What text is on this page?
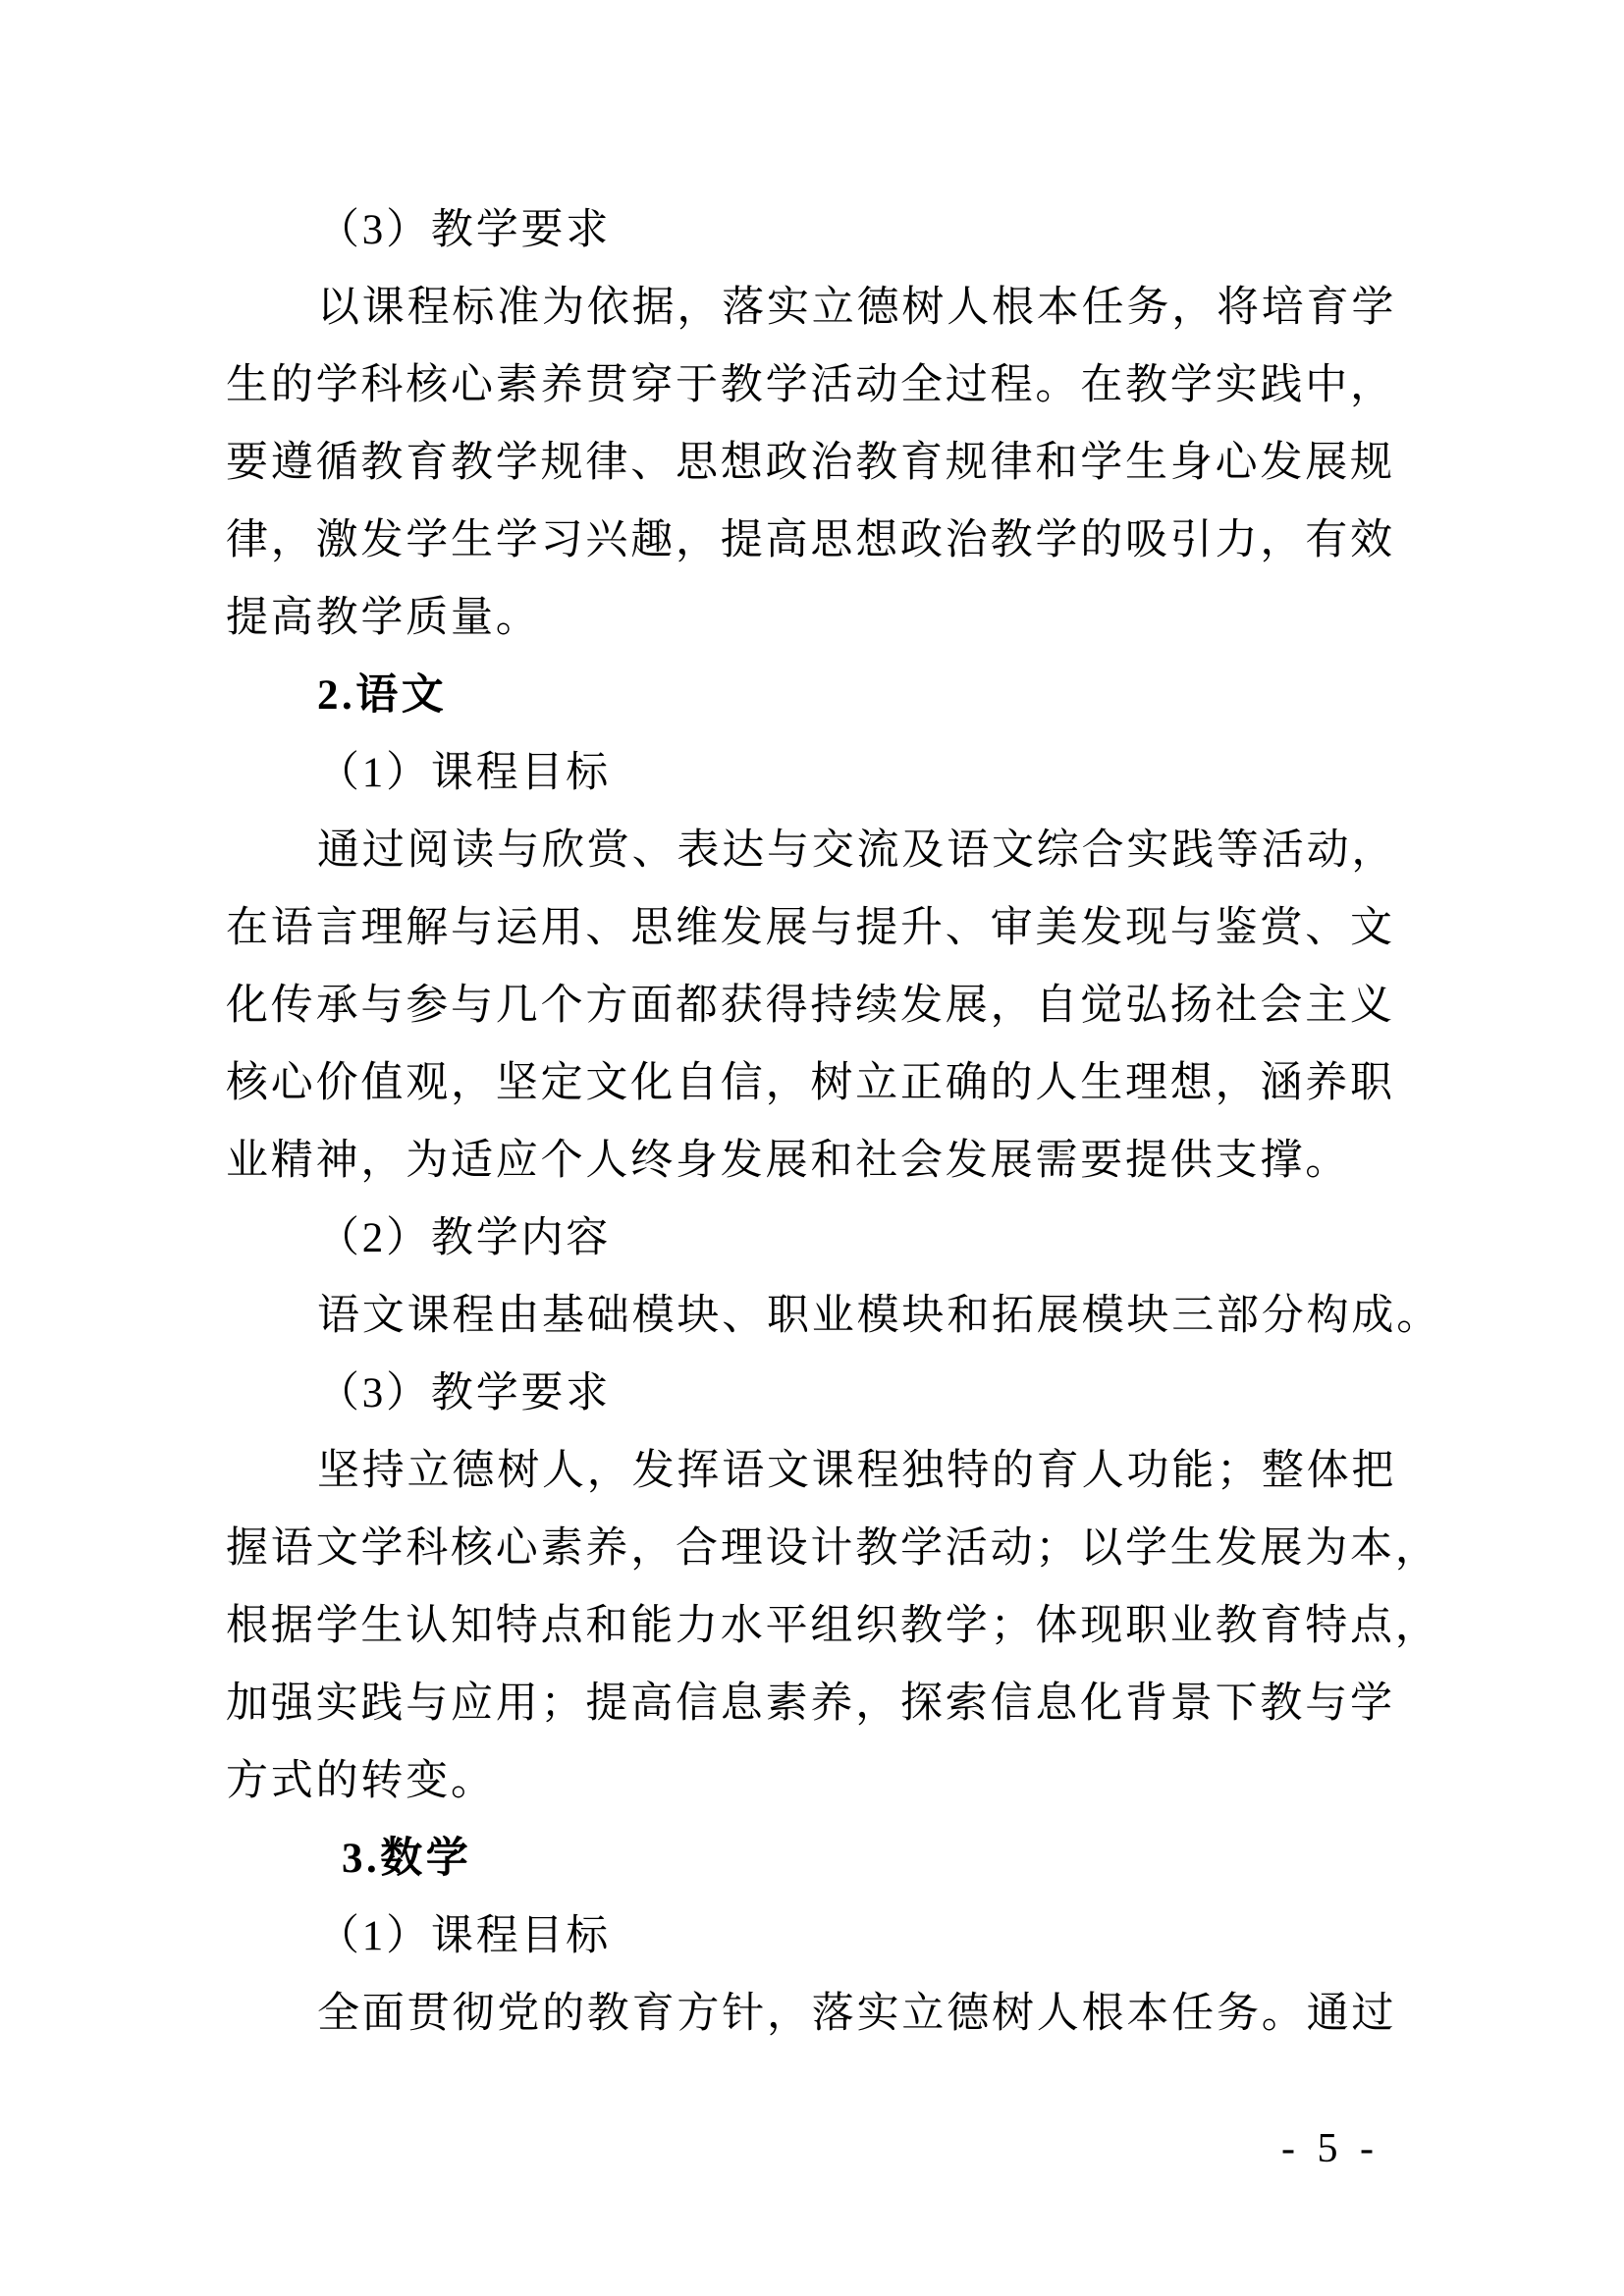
（3）教学要求
以课程标准为依据，落实立德树人根本任务，将培育学
生的学科核心素养贯穿于教学活动全过程。在教学实践中，
要遵循教育教学规律、思想政治教育规律和学生身心发展规
律，激发学生学习兴趣，提高思想政治教学的吸引力，有效
提高教学质量。
2.语文
（1）课程目标
通过阅读与欣赏、表达与交流及语文综合实践等活动，
在语言理解与运用、思维发展与提升、审美发现与鉴赏、文
化传承与参与几个方面都获得持续发展，自觉弘扬社会主义
核心价值观，坚定文化自信，树立正确的人生理想，涵养职
业精神，为适应个人终身发展和社会发展需要提供支撑。
（2）教学内容
语文课程由基础模块、职业模块和拓展模块三部分构成。
（3）教学要求
坚持立德树人，发挥语文课程独特的育人功能；整体把
握语文学科核心素养，合理设计教学活动；以学生发展为本，
根据学生认知特点和能力水平组织教学；体现职业教育特点，
加强实践与应用；提高信息素养，探索信息化背景下教与学
方式的转变。
3.数学
（1）课程目标
全面贯彻党的教育方针，落实立德树人根本任务。通过
- 5 -
